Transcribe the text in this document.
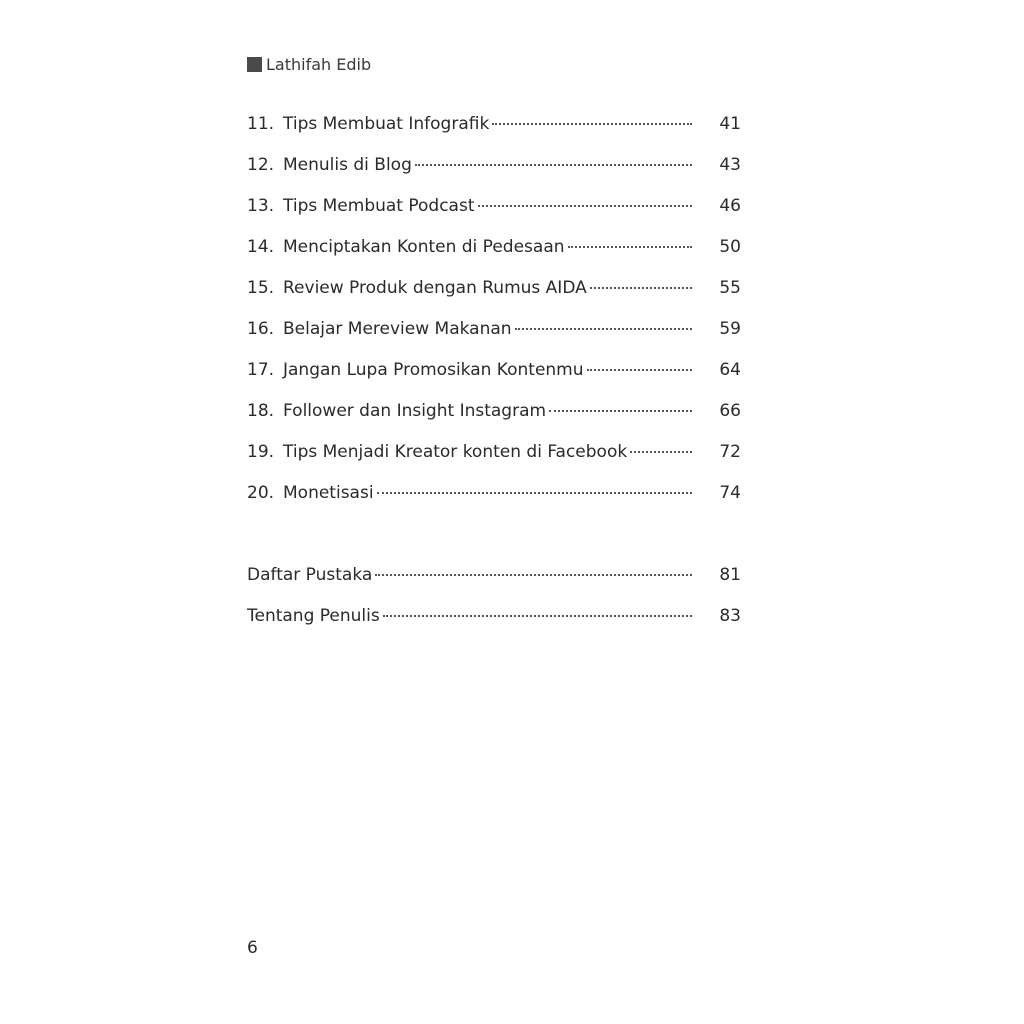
Lathifah Edib
11. Tips Membuat Infografik	41
12. Menulis di Blog	43
13. Tips Membuat Podcast	46
14. Menciptakan Konten di Pedesaan	50
15. Review Produk dengan Rumus AIDA	55
16. Belajar Mereview Makanan	59
17. Jangan Lupa Promosikan Kontenmu	64
18. Follower dan Insight Instagram	66
19. Tips Menjadi Kreator konten di Facebook	72
20. Monetisasi	74
Daftar Pustaka	81
Tentang Penulis	83
6
